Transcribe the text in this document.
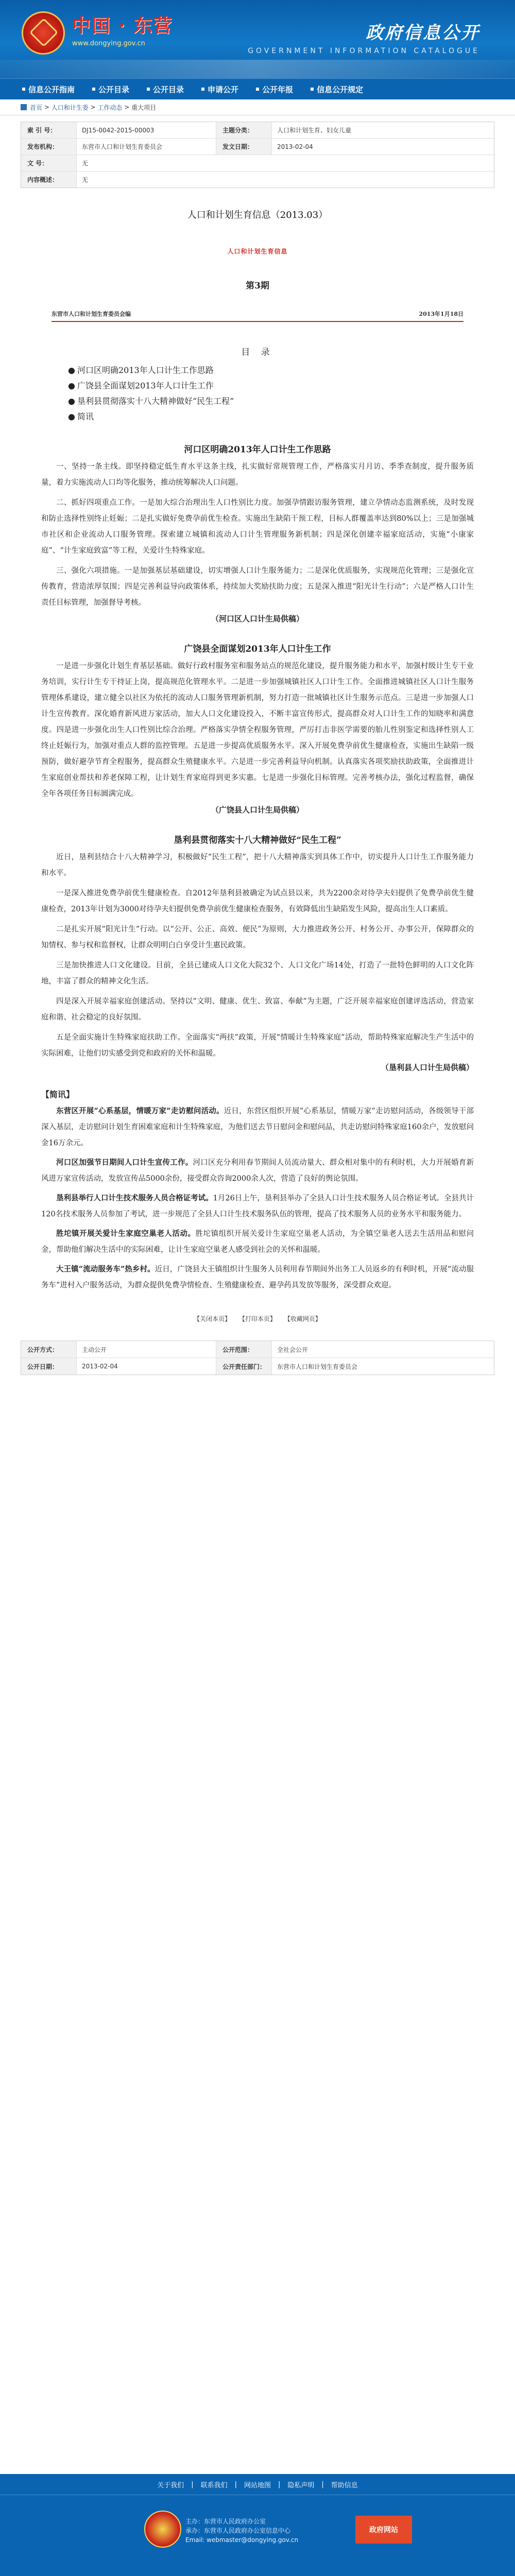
中国 · 东营
www.dongying.gov.cn
政府信息公开
GOVERNMENT INFORMATION CATALOGUE
信息公开指南	公开目录	公开目录	申请公开	公开年报	信息公开规定
首页 > 人口和计生委 > 工作动态 > 重大项目
索 引 号：	DJ15-0042-2015-00003	主题分类：	人口和计划生育、妇女儿童
发布机构：	东营市人口和计划生育委员会	发文日期：	2013-02-04
文 号：	无
内容概述：	无
人口和计划生育信息（2013.03）
人口和计划生育信息
第3期
东营市人口和计划生育委员会编	2013年1月18日
目 录
● 河口区明确2013年人口计生工作思路
● 广饶县全面谋划2013年人口计生工作
● 垦利县贯彻落实十八大精神做好“民生工程”
● 简讯
河口区明确2013年人口计生工作思路
一、坚持一条主线。即坚持稳定低生育水平这条主线，扎实做好常规管理工作，严格落实月月访、季季查制度，提升服务质量，着力实施流动人口均等化服务，推动统筹解决人口问题。
二、抓好四项重点工作。一是加大综合治理出生人口性别比力度。加强孕情跟访服务管理，建立孕情动态监测系统，及时发现和防止选择性别终止妊娠；二是扎实做好免费孕前优生检查。实施出生缺陷干预工程，目标人群覆盖率达到80%以上；三是加强城市社区和企业流动人口服务管理。探索建立城镇和流动人口计生管理服务新机制；四是深化创建幸福家庭活动，实施“小康家庭”、“计生家庭致富”等工程，关爱计生特殊家庭。
三、强化六项措施。一是加强基层基础建设，切实增强人口计生服务能力；二是深化优质服务，实现规范化管理；三是强化宣传教育，营造浓厚氛围；四是完善利益导向政策体系，持续加大奖励扶助力度；五是深入推进“阳光计生行动”；六是严格人口计生责任目标管理，加强督导考核。
（河口区人口计生局供稿）
广饶县全面谋划2013年人口计生工作
一是进一步强化计划生育基层基础。做好行政村服务室和服务站点的规范化建设，提升服务能力和水平，加强村级计生专干业务培训，实行计生专干持证上岗，提高规范化管理水平。二是进一步加强城镇社区人口计生工作。全面推进城镇社区人口计生服务管理体系建设，建立健全以社区为依托的流动人口服务管理新机制，努力打造一批城镇社区计生服务示范点。三是进一步加强人口计生宣传教育。深化婚育新风进万家活动，加大人口文化建设投入，不断丰富宣传形式，提高群众对人口计生工作的知晓率和满意度。四是进一步强化出生人口性别比综合治理。严格落实孕情全程服务管理，严厉打击非医学需要的胎儿性别鉴定和选择性别人工终止妊娠行为，加强对重点人群的监控管理。五是进一步提高优质服务水平。深入开展免费孕前优生健康检查，实施出生缺陷一级预防，做好避孕节育全程服务，提高群众生殖健康水平。六是进一步完善利益导向机制。认真落实各项奖励扶助政策，全面推进计生家庭创业帮扶和养老保障工程，让计划生育家庭得到更多实惠。七是进一步强化目标管理。完善考核办法，强化过程监督，确保全年各项任务目标圆满完成。
（广饶县人口计生局供稿）
垦利县贯彻落实十八大精神做好“民生工程”
近日，垦利县结合十八大精神学习，积极做好“民生工程”，把十八大精神落实到具体工作中，切实提升人口计生工作服务能力和水平。
一是深入推进免费孕前优生健康检查。自2012年垦利县被确定为试点县以来，共为2200余对待孕夫妇提供了免费孕前优生健康检查，2013年计划为3000对待孕夫妇提供免费孕前优生健康检查服务，有效降低出生缺陷发生风险，提高出生人口素质。
二是扎实开展“阳光计生”行动。以“公开、公正、高效、便民”为原则，大力推进政务公开、村务公开、办事公开，保障群众的知情权、参与权和监督权，让群众明明白白享受计生惠民政策。
三是加快推进人口文化建设。目前，全县已建成人口文化大院32个、人口文化广场14处，打造了一批特色鲜明的人口文化阵地，丰富了群众的精神文化生活。
四是深入开展幸福家庭创建活动。坚持以“文明、健康、优生、致富、奉献”为主题，广泛开展幸福家庭创建评选活动，营造家庭和谐、社会稳定的良好氛围。
五是全面实施计生特殊家庭扶助工作。全面落实“两扶”政策，开展“情暖计生特殊家庭”活动，帮助特殊家庭解决生产生活中的实际困难，让他们切实感受到党和政府的关怀和温暖。
（垦利县人口计生局供稿）
【简讯】
东营区开展“心系基层，情暖万家”走访慰问活动。近日，东营区组织开展“心系基层，情暖万家”走访慰问活动，各级领导干部深入基层，走访慰问计划生育困难家庭和计生特殊家庭，为他们送去节日慰问金和慰问品，共走访慰问特殊家庭160余户，发放慰问金16万余元。
河口区加强节日期间人口计生宣传工作。河口区充分利用春节期间人员流动量大、群众相对集中的有利时机，大力开展婚育新风进万家宣传活动，发放宣传品5000余份，接受群众咨询2000余人次，营造了良好的舆论氛围。
垦利县举行人口计生技术服务人员合格证考试。1月26日上午，垦利县举办了全县人口计生技术服务人员合格证考试。全县共计120名技术服务人员参加了考试，进一步规范了全县人口计生技术服务队伍的管理，提高了技术服务人员的业务水平和服务能力。
胜坨镇开展关爱计生家庭空巢老人活动。胜坨镇组织开展关爱计生家庭空巢老人活动，为全镇空巢老人送去生活用品和慰问金，帮助他们解决生活中的实际困难，让计生家庭空巢老人感受到社会的关怀和温暖。
大王镇“流动服务车”热乡村。近日，广饶县大王镇组织计生服务人员利用春节期间外出务工人员返乡的有利时机，开展“流动服务车”进村入户服务活动，为群众提供免费孕情检查、生殖健康检查、避孕药具发放等服务，深受群众欢迎。
【关闭本页】 【打印本页】 【收藏网页】
公开方式：	主动公开	公开范围：	全社会公开
公开日期：	2013-02-04	公开责任部门：	东营市人口和计划生育委员会
关于我们 | 联系我们 | 网站地图 | 隐私声明 | 帮助信息
主办：东营市人民政府办公室
承办：东营市人民政府办公室信息中心
Email: webmaster@dongying.gov.cn
政府网站
